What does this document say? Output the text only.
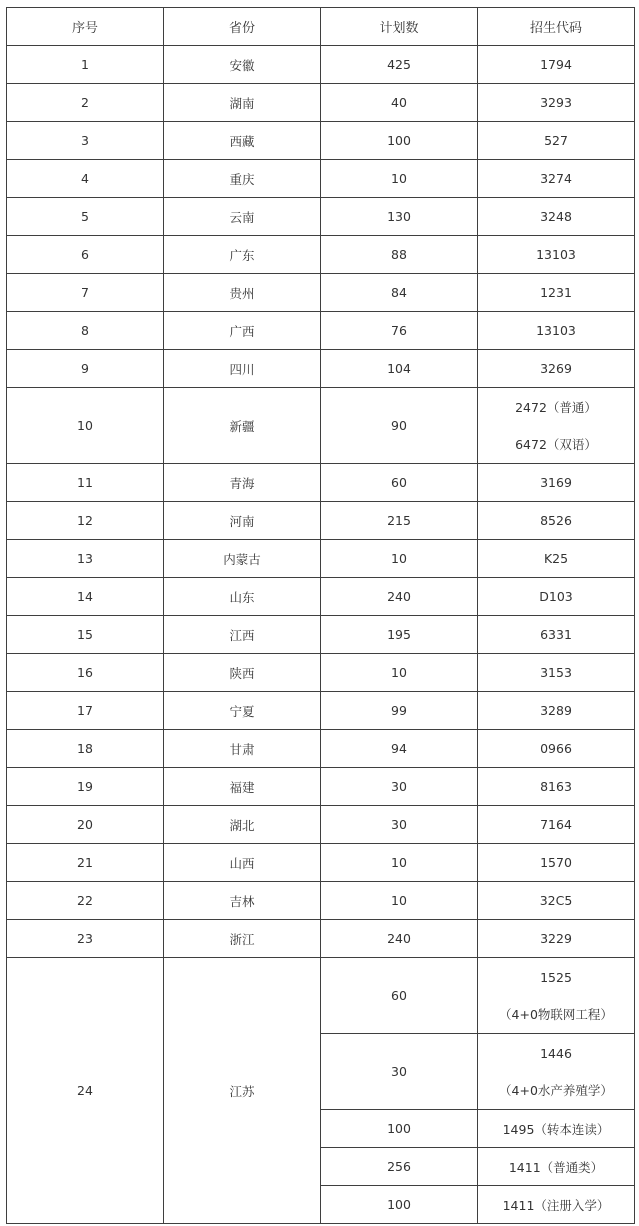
序号	省份	计划数	招生代码
1	安徽	425	1794
2	湖南	40	3293
3	西藏	100	527
4	重庆	10	3274
5	云南	130	3248
6	广东	88	13103
7	贵州	84	1231
8	广西	76	13103
9	四川	104	3269
10	新疆	90	2472（普通）
6472（双语）

11	青海	60	3169
12	河南	215	8526
13	内蒙古	10	K25
14	山东	240	D103
15	江西	195	6331
16	陕西	10	3153
17	宁夏	99	3289
18	甘肃	94	0966
19	福建	30	8163
20	湖北	30	7164
21	山西	10	1570
22	吉林	10	32C5
23	浙江	240	3229
24	江苏	60	1525
（4+0物联网工程）

		30	1446
（4+0水产养殖学）

		100	1495（转本连读）
		256	1411（普通类）
		100	1411（注册入学）
